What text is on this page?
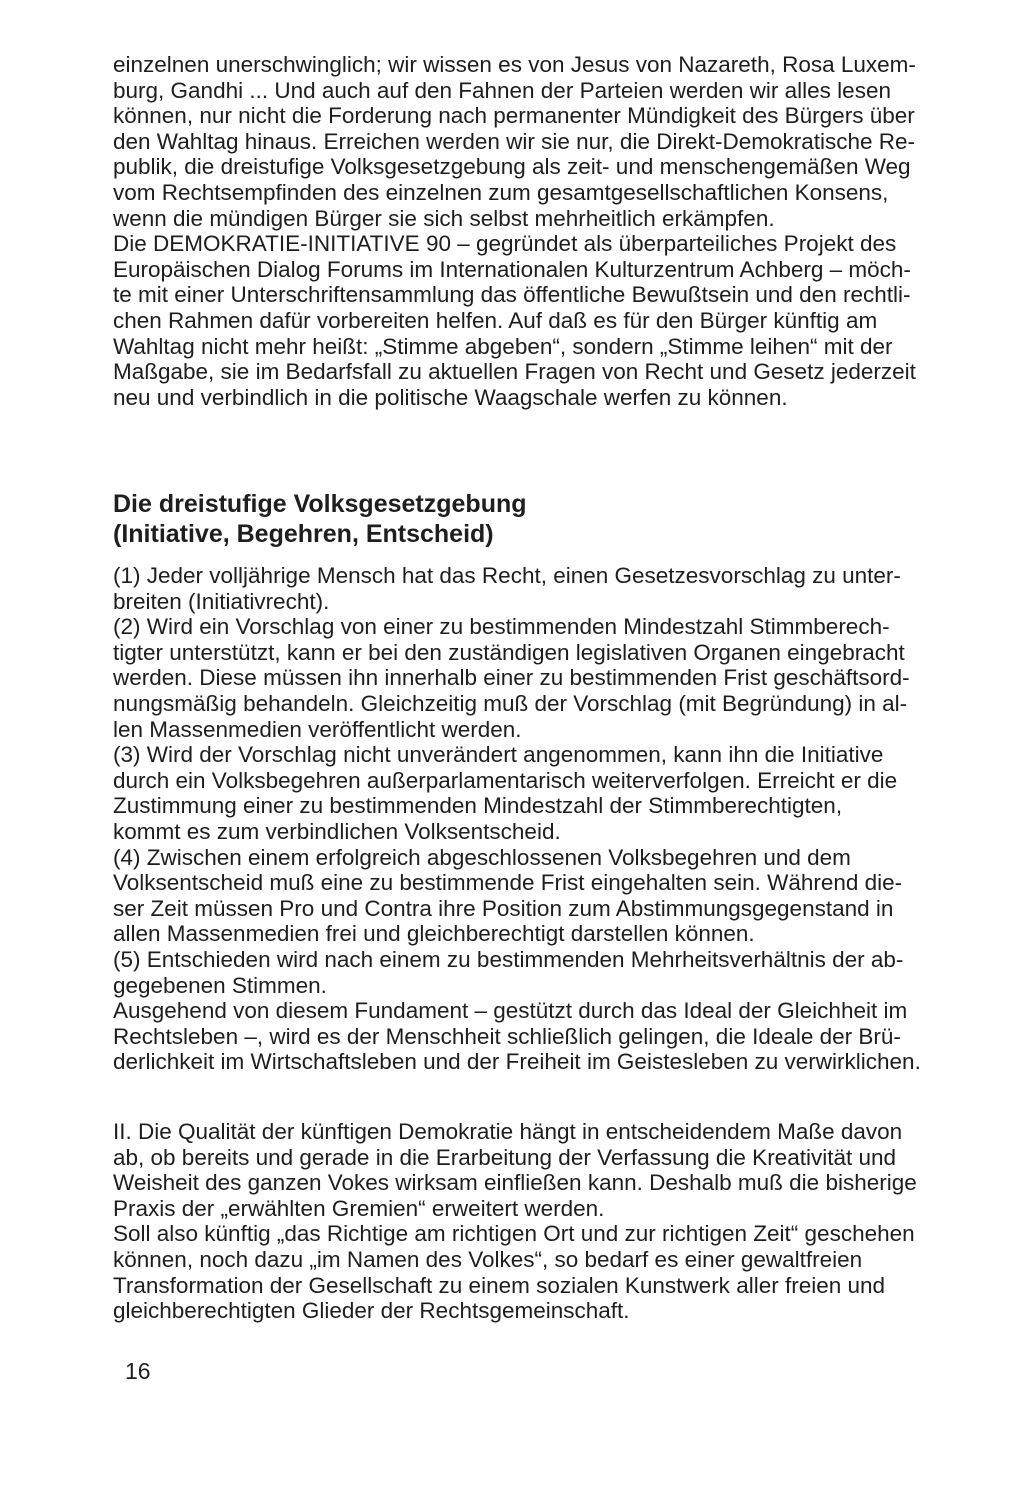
einzelnen unerschwinglich; wir wissen es von Jesus von Nazareth, Rosa Luxem-

burg, Gandhi ... Und auch auf den Fahnen der Parteien werden wir alles lesen

können, nur nicht die Forderung nach permanenter Mündigkeit des Bürgers über

den Wahltag hinaus. Erreichen werden wir sie nur, die Direkt-Demokratische Re-

publik, die dreistufige Volksgesetzgebung als zeit- und menschengemäßen Weg

vom Rechtsempfinden des einzelnen zum gesamtgesellschaftlichen Konsens,

wenn die mündigen Bürger sie sich selbst mehrheitlich erkämpfen.

Die DEMOKRATIE-INITIATIVE 90 – gegründet als überparteiliches Projekt des

Europäischen Dialog Forums im Internationalen Kulturzentrum Achberg – möch-

te mit einer Unterschriftensammlung das öffentliche Bewußtsein und den rechtli-

chen Rahmen dafür vorbereiten helfen. Auf daß es für den Bürger künftig am

Wahltag nicht mehr heißt: „Stimme abgeben“, sondern „Stimme leihen“ mit der

Maßgabe, sie im Bedarfsfall zu aktuellen Fragen von Recht und Gesetz jederzeit

neu und verbindlich in die politische Waagschale werfen zu können.

Die dreistufige Volksgesetzgebung
(Initiative, Begehren, Entscheid)

(1) Jeder volljährige Mensch hat das Recht, einen Gesetzesvorschlag zu unter-

breiten (Initiativrecht).

(2) Wird ein Vorschlag von einer zu bestimmenden Mindestzahl Stimmberech-

tigter unterstützt, kann er bei den zuständigen legislativen Organen eingebracht

werden. Diese müssen ihn innerhalb einer zu bestimmenden Frist geschäftsord-

nungsmäßig behandeln. Gleichzeitig muß der Vorschlag (mit Begründung) in al-

len Massenmedien veröffentlicht werden.

(3) Wird der Vorschlag nicht unverändert angenommen, kann ihn die Initiative

durch ein Volksbegehren außerparlamentarisch weiterverfolgen. Erreicht er die

Zustimmung einer zu bestimmenden Mindestzahl der Stimmberechtigten,

kommt es zum verbindlichen Volksentscheid.

(4) Zwischen einem erfolgreich abgeschlossenen Volksbegehren und dem

Volksentscheid muß eine zu bestimmende Frist eingehalten sein. Während die-

ser Zeit müssen Pro und Contra ihre Position zum Abstimmungsgegenstand in

allen Massenmedien frei und gleichberechtigt darstellen können.

(5) Entschieden wird nach einem zu bestimmenden Mehrheitsverhältnis der ab-

gegebenen Stimmen.

Ausgehend von diesem Fundament – gestützt durch das Ideal der Gleichheit im

Rechtsleben –, wird es der Menschheit schließlich gelingen, die Ideale der Brü-

derlichkeit im Wirtschaftsleben und der Freiheit im Geistesleben zu verwirklichen.

II. Die Qualität der künftigen Demokratie hängt in entscheidendem Maße davon

ab, ob bereits und gerade in die Erarbeitung der Verfassung die Kreativität und

Weisheit des ganzen Vokes wirksam einfließen kann. Deshalb muß die bisherige

Praxis der „erwählten Gremien“ erweitert werden.

Soll also künftig „das Richtige am richtigen Ort und zur richtigen Zeit“ geschehen

können, noch dazu „im Namen des Volkes“, so bedarf es einer gewaltfreien

Transformation der Gesellschaft zu einem sozialen Kunstwerk aller freien und

gleichberechtigten Glieder der Rechtsgemeinschaft.

16
